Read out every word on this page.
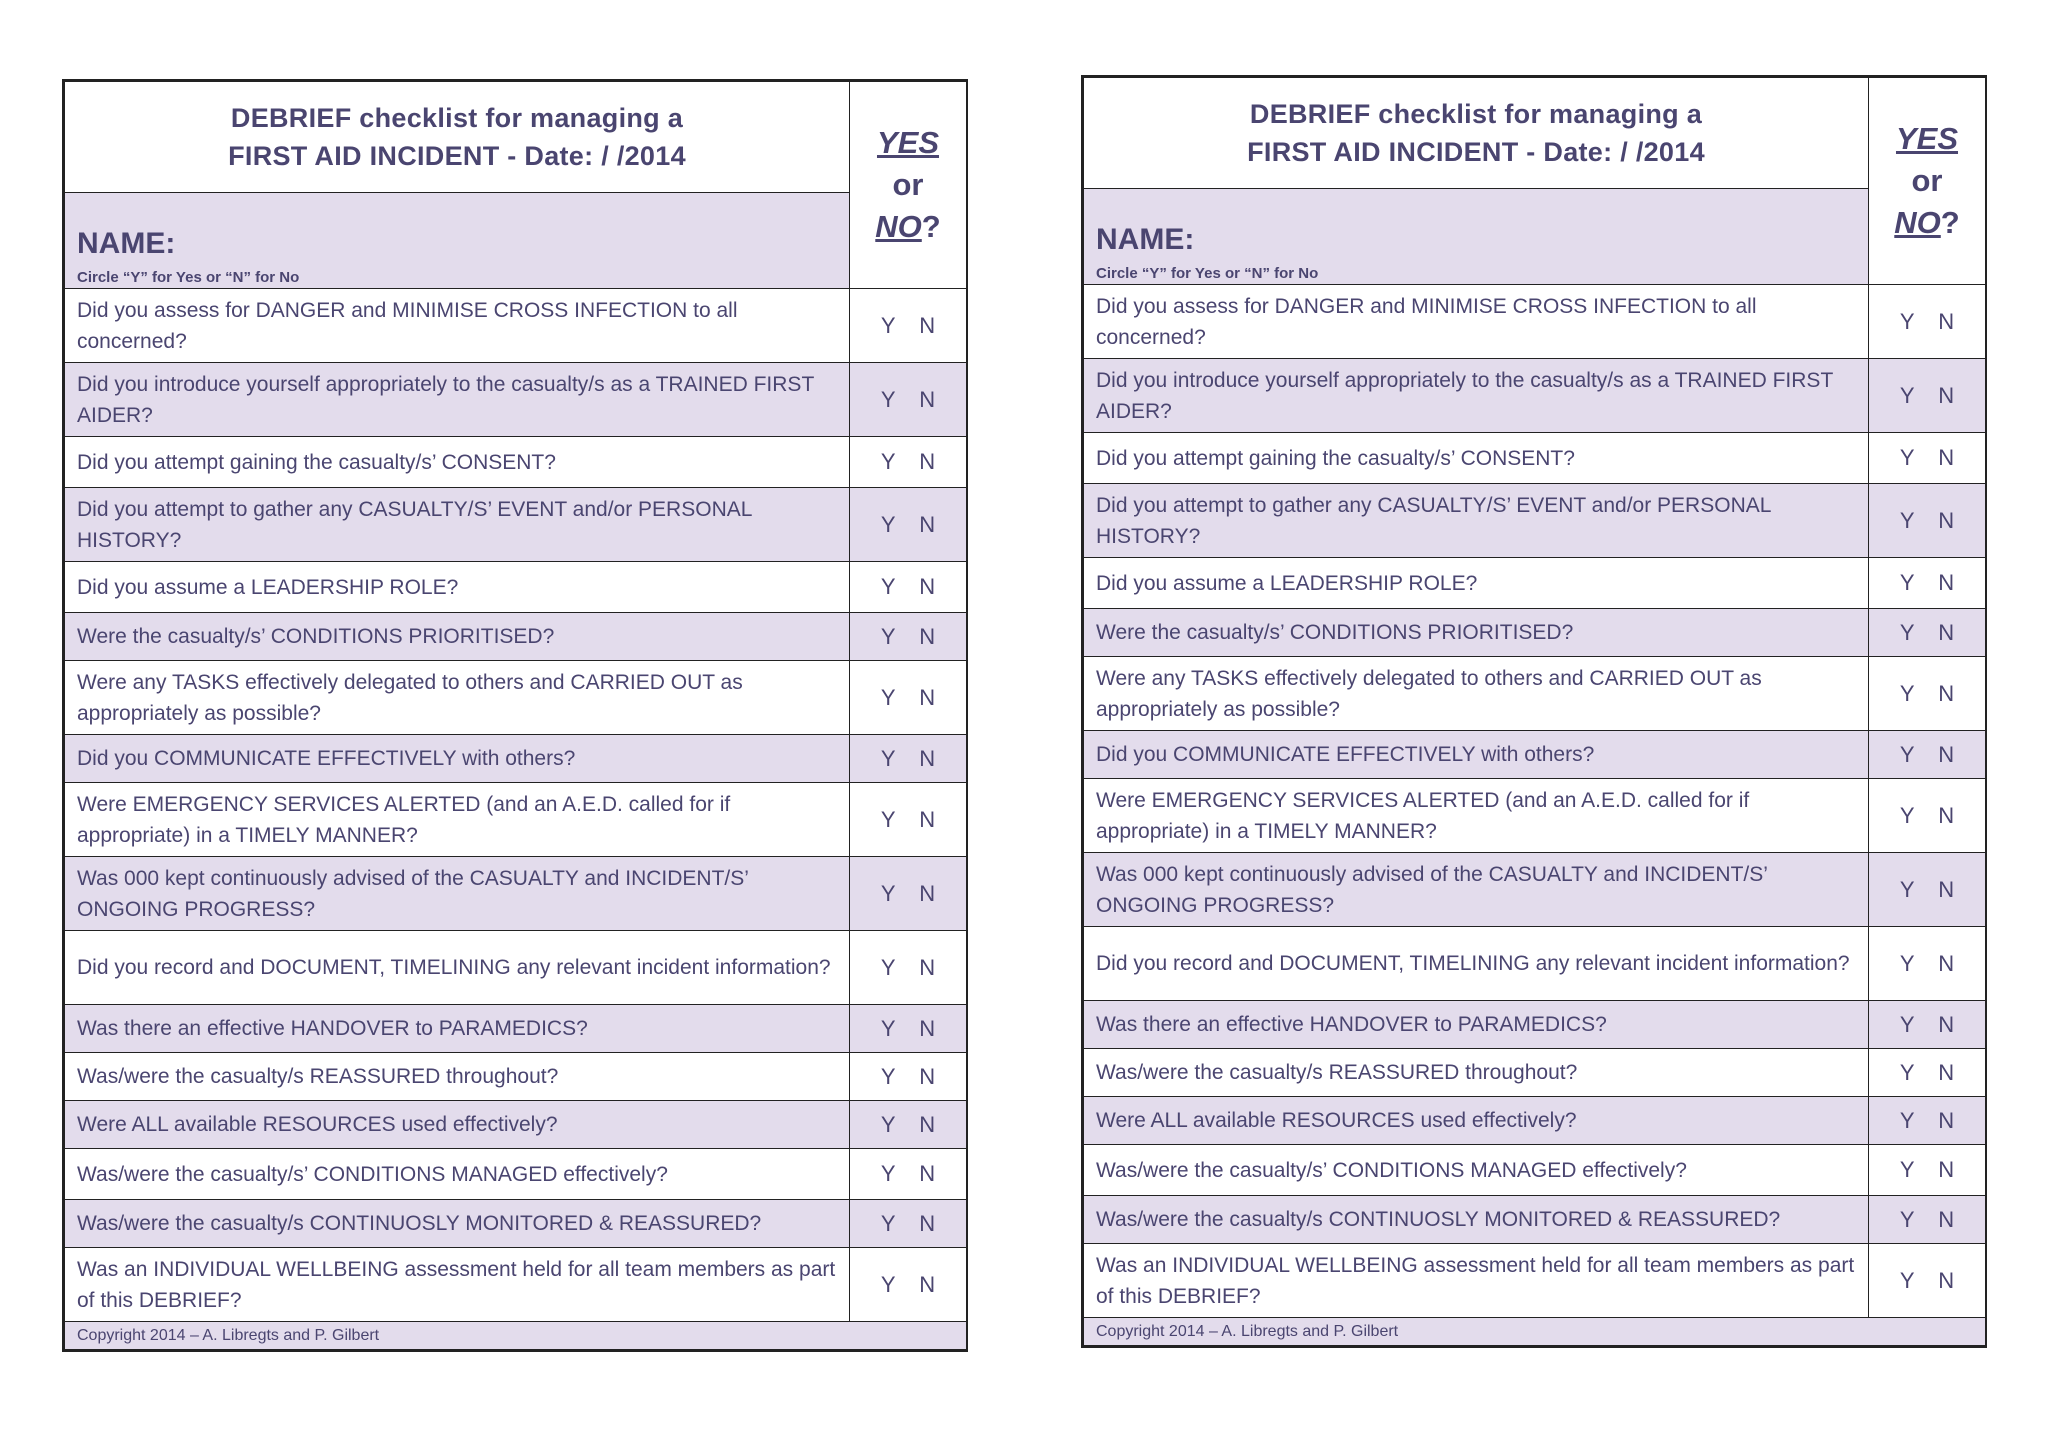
DEBRIEF checklist for managing a
FIRST AID INCIDENT - Date: / /2014	YES
or
NO?

NAME:
Circle “Y” for Yes or “N” for No	

Did you assess for DANGER and MINIMISE CROSS INFECTION to all concerned?	Y N
Did you introduce yourself appropriately to the casualty/s as a TRAINED FIRST AIDER?	Y N
Did you attempt gaining the casualty/s’ CONSENT?	Y N
Did you attempt to gather any CASUALTY/S’ EVENT and/or PERSONAL HISTORY?	Y N
Did you assume a LEADERSHIP ROLE?	Y N
Were the casualty/s’ CONDITIONS PRIORITISED?	Y N
Were any TASKS effectively delegated to others and CARRIED OUT as appropriately as possible?	Y N
Did you COMMUNICATE EFFECTIVELY with others?	Y N
Were EMERGENCY SERVICES ALERTED (and an A.E.D. called for if appropriate) in a TIMELY MANNER?	Y N
Was 000 kept continuously advised of the CASUALTY and INCIDENT/S’ ONGOING PROGRESS?	Y N
Did you record and DOCUMENT, TIMELINING any relevant incident information?	Y N
Was there an effective HANDOVER to PARAMEDICS?	Y N
Was/were the casualty/s REASSURED throughout?	Y N
Were ALL available RESOURCES used effectively?	Y N
Was/were the casualty/s’ CONDITIONS MANAGED effectively?	Y N
Was/were the casualty/s CONTINUOSLY MONITORED & REASSURED?	Y N
Was an INDIVIDUAL WELLBEING assessment held for all team members as part of this DEBRIEF?	Y N
Copyright 2014 – A. Libregts and P. Gilbert	
DEBRIEF checklist for managing a
FIRST AID INCIDENT - Date: / /2014	YES
or
NO?

NAME:
Circle “Y” for Yes or “N” for No	

Did you assess for DANGER and MINIMISE CROSS INFECTION to all concerned?	Y N
Did you introduce yourself appropriately to the casualty/s as a TRAINED FIRST AIDER?	Y N
Did you attempt gaining the casualty/s’ CONSENT?	Y N
Did you attempt to gather any CASUALTY/S’ EVENT and/or PERSONAL HISTORY?	Y N
Did you assume a LEADERSHIP ROLE?	Y N
Were the casualty/s’ CONDITIONS PRIORITISED?	Y N
Were any TASKS effectively delegated to others and CARRIED OUT as appropriately as possible?	Y N
Did you COMMUNICATE EFFECTIVELY with others?	Y N
Were EMERGENCY SERVICES ALERTED (and an A.E.D. called for if appropriate) in a TIMELY MANNER?	Y N
Was 000 kept continuously advised of the CASUALTY and INCIDENT/S’ ONGOING PROGRESS?	Y N
Did you record and DOCUMENT, TIMELINING any relevant incident information?	Y N
Was there an effective HANDOVER to PARAMEDICS?	Y N
Was/were the casualty/s REASSURED throughout?	Y N
Were ALL available RESOURCES used effectively?	Y N
Was/were the casualty/s’ CONDITIONS MANAGED effectively?	Y N
Was/were the casualty/s CONTINUOSLY MONITORED & REASSURED?	Y N
Was an INDIVIDUAL WELLBEING assessment held for all team members as part of this DEBRIEF?	Y N
Copyright 2014 – A. Libregts and P. Gilbert	
